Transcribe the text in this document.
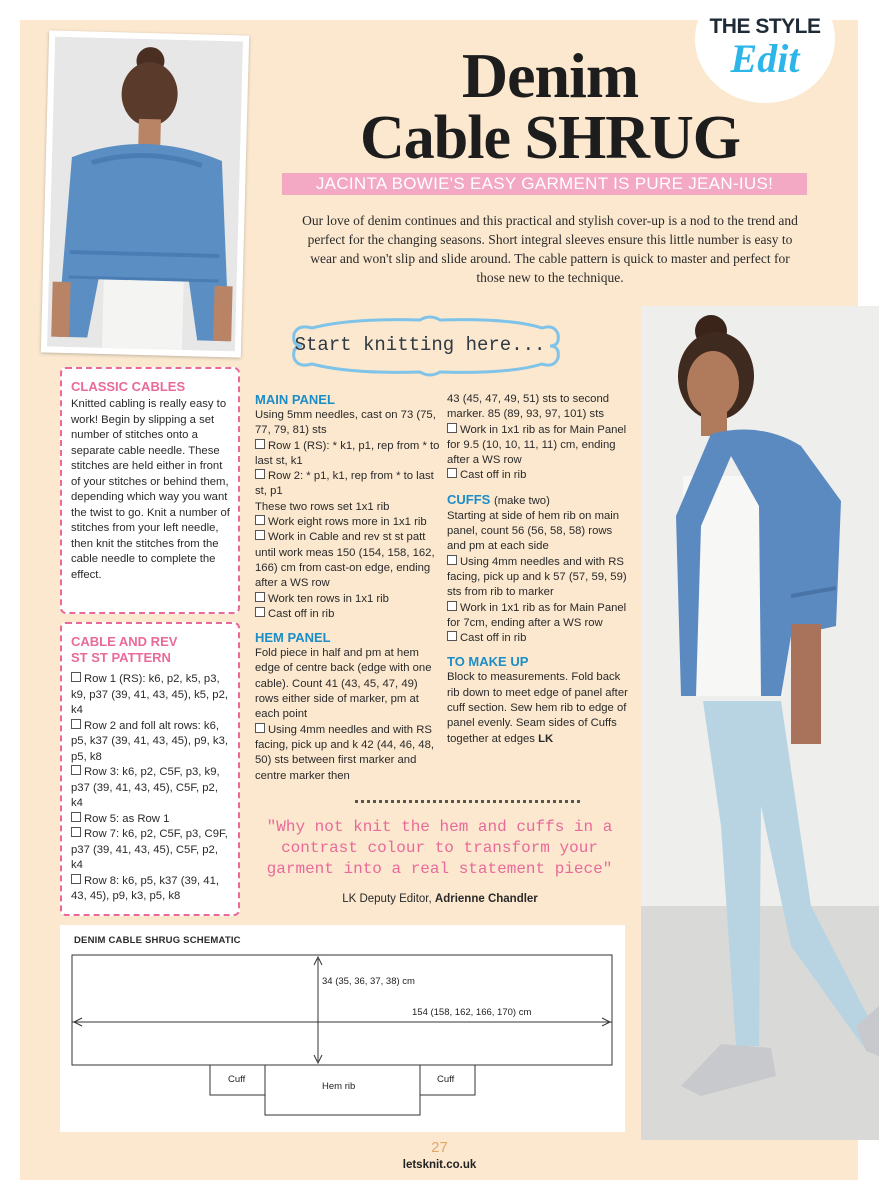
THE STYLE
Edit
Denim
Cable SHRUG
JACINTA BOWIE'S EASY GARMENT IS PURE JEAN-IUS!
Our love of denim continues and this practical and stylish cover-up is a nod to the trend and perfect for the changing seasons. Short integral sleeves ensure this little number is easy to wear and won't slip and slide around. The cable pattern is quick to master and perfect for those new to the technique.
Start knitting here...
CLASSIC CABLES

Knitted cabling is really easy to work! Begin by slipping a set number of stitches onto a separate cable needle. These stitches are held either in front of your stitches or behind them, depending which way you want the twist to go. Knit a number of stitches from your left needle, then knit the stitches from the cable needle to complete the effect.

CABLE AND REV
ST ST PATTERN
Row 1 (RS): k6, p2, k5, p3, k9, p37 (39, 41, 43, 45), k5, p2, k4
Row 2 and foll alt rows: k6, p5, k37 (39, 41, 43, 45), p9, k3, p5, k8
Row 3: k6, p2, C5F, p3, k9, p37 (39, 41, 43, 45), C5F, p2, k4
Row 5: as Row 1
Row 7: k6, p2, C5F, p3, C9F, p37 (39, 41, 43, 45), C5F, p2, k4
Row 8: k6, p5, k37 (39, 41, 43, 45), p9, k3, p5, k8
MAIN PANEL

Using 5mm needles, cast on 73 (75, 77, 79, 81) sts

Row 1 (RS): * k1, p1, rep from * to last st, k1

Row 2: * p1, k1, rep from * to last st, p1

These two rows set 1x1 rib

Work eight rows more in 1x1 rib

Work in Cable and rev st st patt until work meas 150 (154, 158, 162, 166) cm from cast-on edge, ending after a WS row

Work ten rows in 1x1 rib

Cast off in rib

HEM PANEL

Fold piece in half and pm at hem edge of centre back (edge with one cable). Count 41 (43, 45, 47, 49) rows either side of marker, pm at each point

Using 4mm needles and with RS facing, pick up and k 42 (44, 46, 48, 50) sts between first marker and centre marker then

43 (45, 47, 49, 51) sts to second marker. 85 (89, 93, 97, 101) sts

Work in 1x1 rib as for Main Panel for 9.5 (10, 10, 11, 11) cm, ending after a WS row

Cast off in rib

CUFFS (make two)

Starting at side of hem rib on main panel, count 56 (56, 58, 58) rows and pm at each side

Using 4mm needles and with RS facing, pick up and k 57 (57, 59, 59) sts from rib to marker

Work in 1x1 rib as for Main Panel for 7cm, ending after a WS row

Cast off in rib

TO MAKE UP

Block to measurements. Fold back rib down to meet edge of panel after cuff section. Sew hem rib to edge of panel evenly. Seam sides of Cuffs together at edges LK

"Why not knit the hem and cuffs in a contrast colour to transform your garment into a real statement piece"
LK Deputy Editor, Adrienne Chandler
DENIM CABLE SHRUG SCHEMATIC
34 (35, 36, 37, 38) cm
154 (158, 162, 166, 170) cm
Cuff
Hem rib
Cuff
27
letsknit.co.uk
